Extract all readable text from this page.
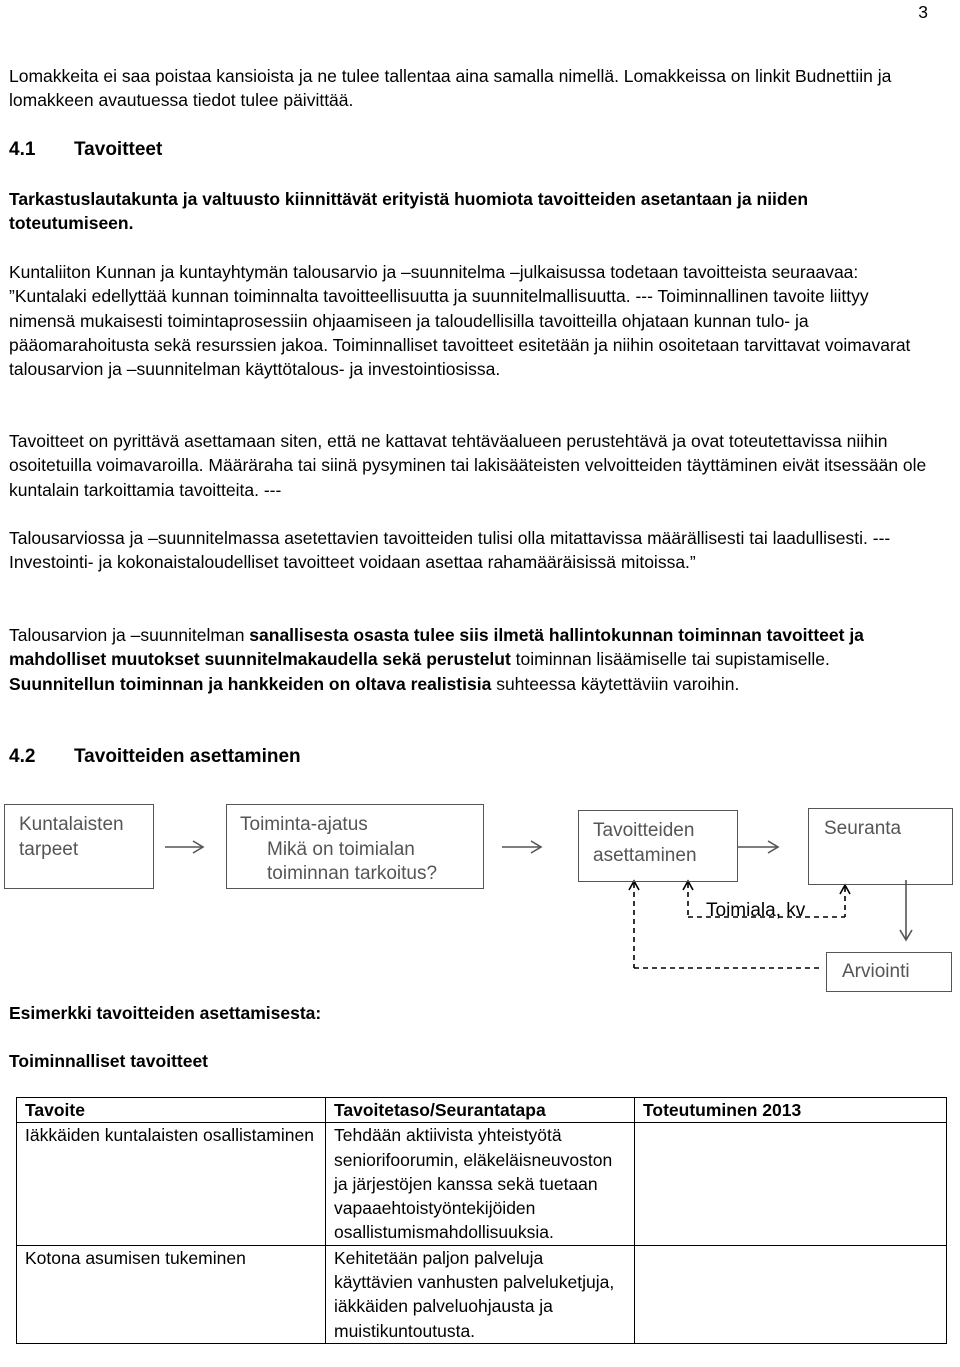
3

Lomakkeita ei saa poistaa kansioista ja ne tulee tallentaa aina samalla nimellä. Lomakkeissa on linkit Budnettiin ja lomakkeen avautuessa tiedot tulee päivittää.

4.1 Tavoitteet

Tarkastuslautakunta ja valtuusto kiinnittävät erityistä huomiota tavoitteiden asetantaan ja niiden toteutumiseen.

Kuntaliiton Kunnan ja kuntayhtymän talousarvio ja –suunnitelma –julkaisussa todetaan tavoitteista seuraavaa: ”Kuntalaki edellyttää kunnan toiminnalta tavoitteellisuutta ja suunnitelmallisuutta. --- Toiminnallinen tavoite liittyy nimensä mukaisesti toimintaprosessiin ohjaamiseen ja taloudellisilla tavoitteilla ohjataan kunnan tulo- ja pääomarahoitusta sekä resurssien jakoa. Toiminnalliset tavoitteet esitetään ja niihin osoitetaan tarvittavat voimavarat talousarvion ja –suunnitelman käyttötalous- ja investointiosissa.

Tavoitteet on pyrittävä asettamaan siten, että ne kattavat tehtäväalueen perustehtävä ja ovat toteutettavissa niihin osoitetuilla voimavaroilla. Määräraha tai siinä pysyminen tai lakisääteisten velvoitteiden täyttäminen eivät itsessään ole kuntalain tarkoittamia tavoitteita. ---

Talousarviossa ja –suunnitelmassa asetettavien tavoitteiden tulisi olla mitattavissa määrällisesti tai laadullisesti. --- Investointi- ja kokonaistaloudelliset tavoitteet voidaan asettaa rahamääräisissä mitoissa.”

Talousarvion ja –suunnitelman sanallisesta osasta tulee siis ilmetä hallintokunnan toiminnan tavoitteet ja mahdolliset muutokset suunnitelmakaudella sekä perustelut toiminnan lisäämiselle tai supistamiselle. Suunnitellun toiminnan ja hankkeiden on oltava realistisia suhteessa käytettäviin varoihin.

4.2 Tavoitteiden asettaminen
Kuntalaisten
tarpeet
Toiminta-ajatus
Mikä on toimialan
toiminnan tarkoitus?
Tavoitteiden
asettaminen
Seuranta
Toimiala, kv
Arviointi
Esimerkki tavoitteiden asettamisesta:
Toiminnalliset tavoitteet
Tavoite	Tavoitetaso/Seurantatapa	Toteutuminen 2013
Iäkkäiden kuntalaisten osallistaminen	Tehdään aktiivista yhteistyötä seniorifoorumin, eläkeläisneuvoston ja järjestöjen kanssa sekä tuetaan vapaaehtoistyöntekijöiden osallistumismahdollisuuksia.	
Kotona asumisen tukeminen	Kehitetään paljon palveluja käyttävien vanhusten palveluketjuja, iäkkäiden palveluohjausta ja muistikuntoutusta.	
